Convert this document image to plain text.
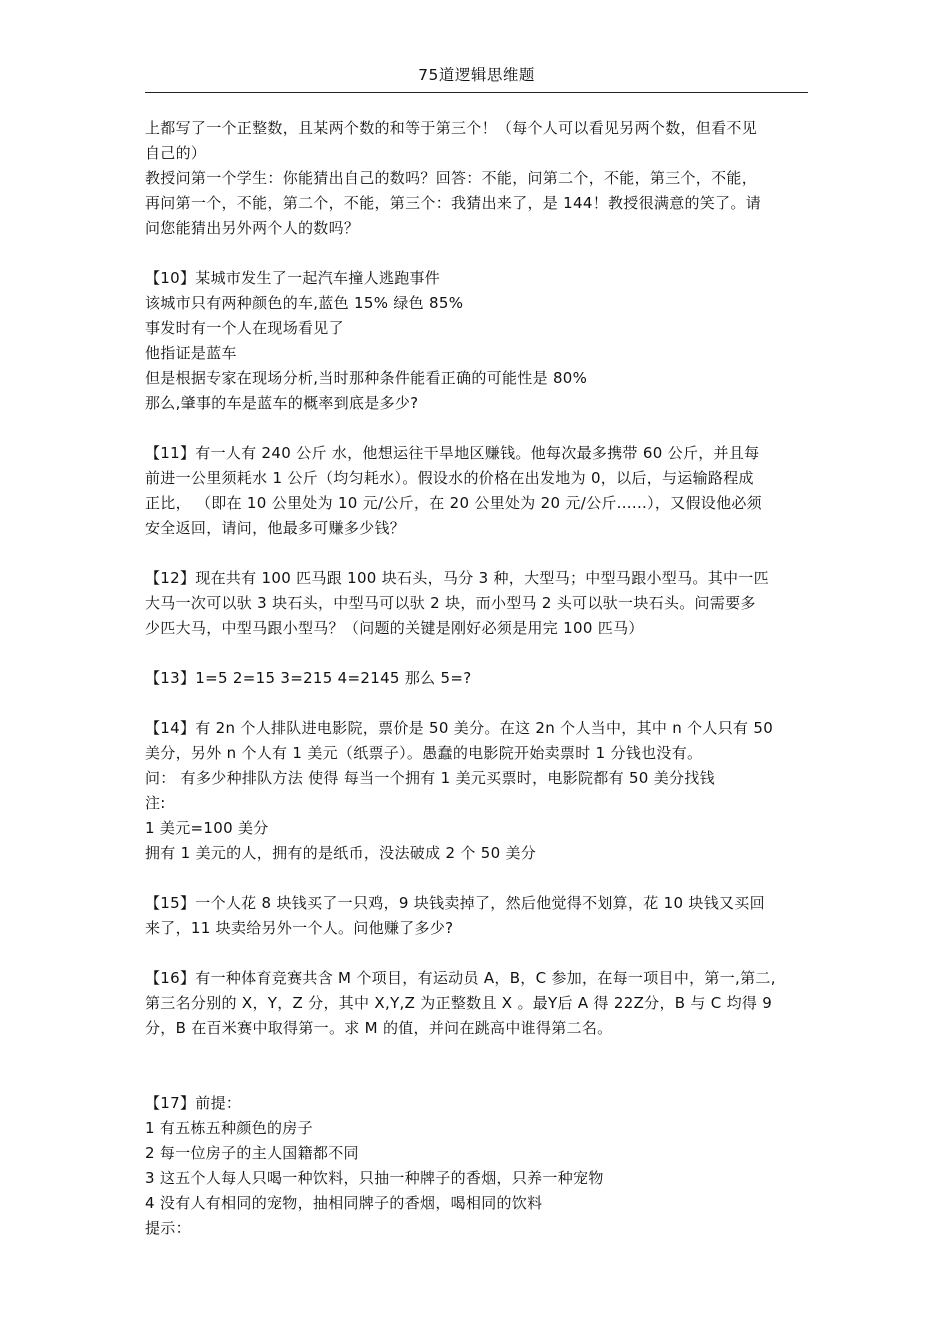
75道逻辑思维题
上都写了一个正整数，且某两个数的和等于第三个！（每个人可以看见另两个数，但看不见
自己的）
教授问第一个学生：你能猜出自己的数吗？回答：不能，问第二个，不能，第三个，不能，
再问第一个，不能，第二个，不能，第三个：我猜出来了，是 144！教授很满意的笑了。请
问您能猜出另外两个人的数吗？
【10】某城市发生了一起汽车撞人逃跑事件
该城市只有两种颜色的车,蓝色 15% 绿色 85%
事发时有一个人在现场看见了
他指证是蓝车
但是根据专家在现场分析,当时那种条件能看正确的可能性是 80%
那么,肇事的车是蓝车的概率到底是多少?
【11】有一人有 240 公斤 水，他想运往干旱地区赚钱。他每次最多携带 60 公斤，并且每
前进一公里须耗水 1 公斤（均匀耗水）。假设水的价格在出发地为 0，以后，与运输路程成
正比， （即在 10 公里处为 10 元/公斤，在 20 公里处为 20 元/公斤......），又假设他必须
安全返回，请问，他最多可赚多少钱？
【12】现在共有 100 匹马跟 100 块石头，马分 3 种，大型马；中型马跟小型马。其中一匹
大马一次可以驮 3 块石头，中型马可以驮 2 块，而小型马 2 头可以驮一块石头。问需要多
少匹大马，中型马跟小型马？（问题的关键是刚好必须是用完 100 匹马）
【13】1=5 2=15 3=215 4=2145 那么 5=?
【14】有 2n 个人排队进电影院，票价是 50 美分。在这 2n 个人当中，其中 n 个人只有 50
美分，另外 n 个人有 1 美元（纸票子）。愚蠢的电影院开始卖票时 1 分钱也没有。
问： 有多少种排队方法 使得 每当一个拥有 1 美元买票时，电影院都有 50 美分找钱
注:
1 美元=100 美分
拥有 1 美元的人，拥有的是纸币，没法破成 2 个 50 美分
【15】一个人花 8 块钱买了一只鸡，9 块钱卖掉了，然后他觉得不划算，花 10 块钱又买回
来了，11 块卖给另外一个人。问他赚了多少?
【16】有一种体育竞赛共含 M 个项目，有运动员 A，B，C 参加，在每一项目中，第一,第二,
第三名分别的 X，Y，Z 分，其中 X,Y,Z 为正整数且 X 。最Y后 A 得 22Z分，B 与 C 均得 9
分，B 在百米赛中取得第一。求 M 的值，并问在跳高中谁得第二名。
【17】前提：
1 有五栋五种颜色的房子
2 每一位房子的主人国籍都不同
3 这五个人每人只喝一种饮料，只抽一种牌子的香烟，只养一种宠物
4 没有人有相同的宠物，抽相同牌子的香烟，喝相同的饮料
提示：
